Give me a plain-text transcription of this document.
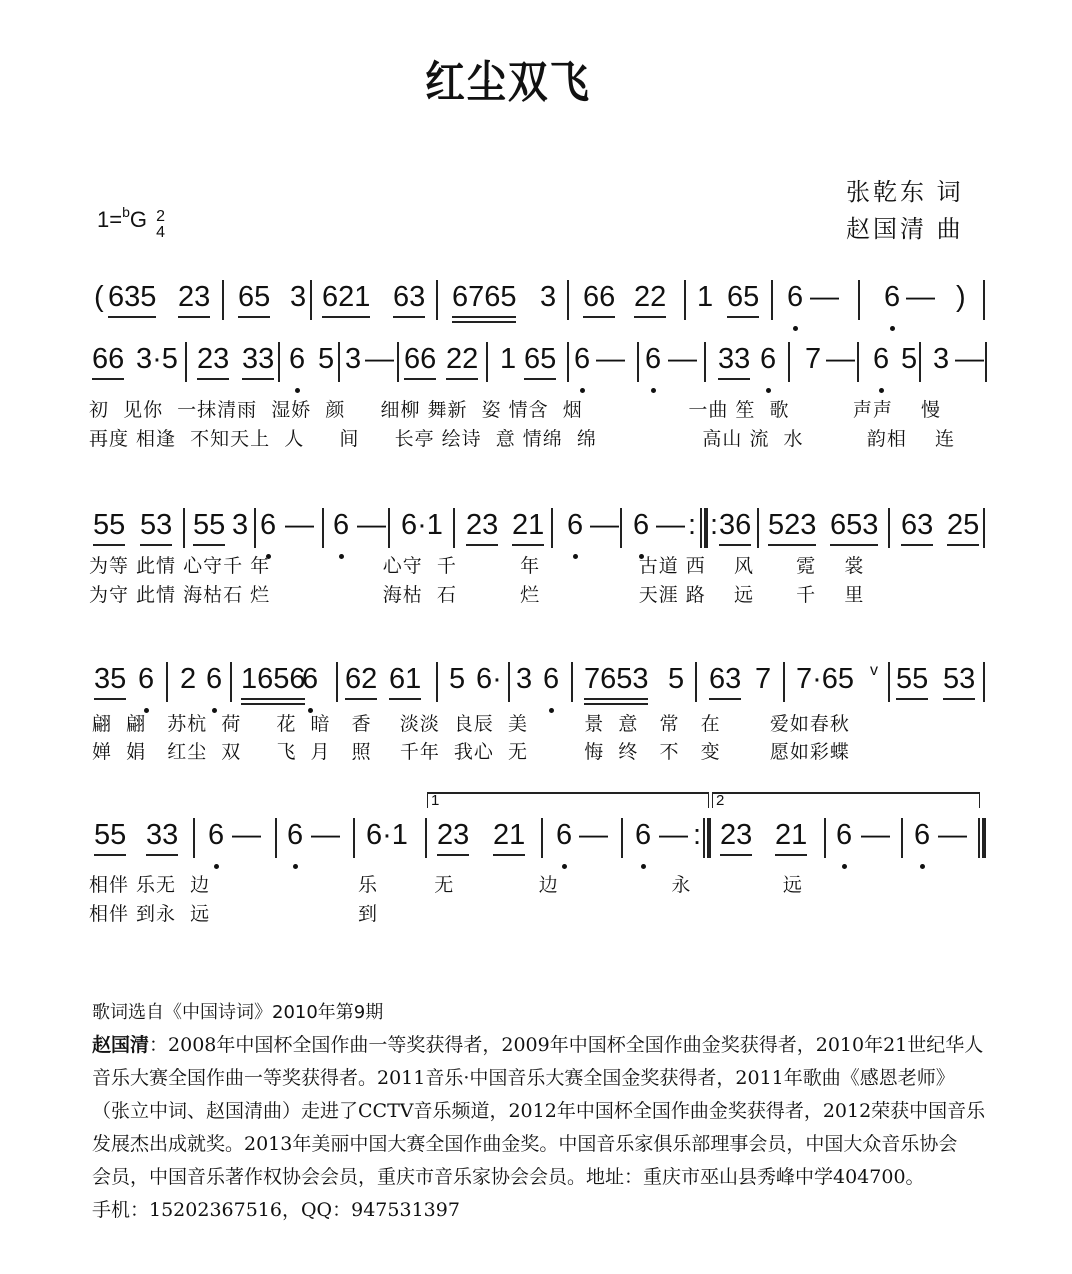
红尘双飞
1=$^b$G 2
4
张乾东 词
赵国清 曲
( 635 23 65 3 621 63 6765 3 66 22 1 65 6 — 6 — )
66 3·5 23 33 6 5 3 — 66 22 1 65 6 — 6 — 33 6 7 — 6 5 3 —
初  见你  一抹清雨  湿娇  颜     细柳 舞新  姿 情含  烟               一曲 笙  歌         声声    慢
再度 相逢  不知天上  人     间     长亭 绘诗  意 情绵  绵               高山 流  水         韵相    连
55 53 55 3 6 — 6 — 6·1 23 21 6 — 6 — : : 36 523 653 63 25
为等 此情 心守千 年                心守  千         年              古道 西    风      霓    裳
为守 此情 海枯石 烂                海枯  石         烂              天涯 路    远      千    里
35 6 2 6 1656
6 62 61 5 6· 3 6 7653 5 63 7 7·65 v 55 53
翩  翩   苏杭  荷     花  暗   香    淡淡  良辰  美        景  意   常   在       爱如春秋
婵  娟   红尘  双     飞  月   照    千年  我心  无        悔  终   不   变       愿如彩蝶
55 33 6 — 6 — 6·1 23 21 6 — 6 — : 23 21 6 — 6 —
1	2
相伴 乐无  边                     乐        无            边                永             远
相伴 到永  远                     到
歌词选自《中国诗词》2010年第9期
赵国清：2008年中国杯全国作曲一等奖获得者，2009年中国杯全国作曲金奖获得者，2010年21世纪华人
音乐大赛全国作曲一等奖获得者。2011音乐·中国音乐大赛全国金奖获得者，2011年歌曲《感恩老师》
（张立中词、赵国清曲）走进了CCTV音乐频道，2012年中国杯全国作曲金奖获得者，2012荣获中国音乐
发展杰出成就奖。2013年美丽中国大赛全国作曲金奖。中国音乐家俱乐部理事会员，中国大众音乐协会
会员，中国音乐著作权协会会员，重庆市音乐家协会会员。地址：重庆市巫山县秀峰中学404700。
手机：15202367516，QQ：947531397
